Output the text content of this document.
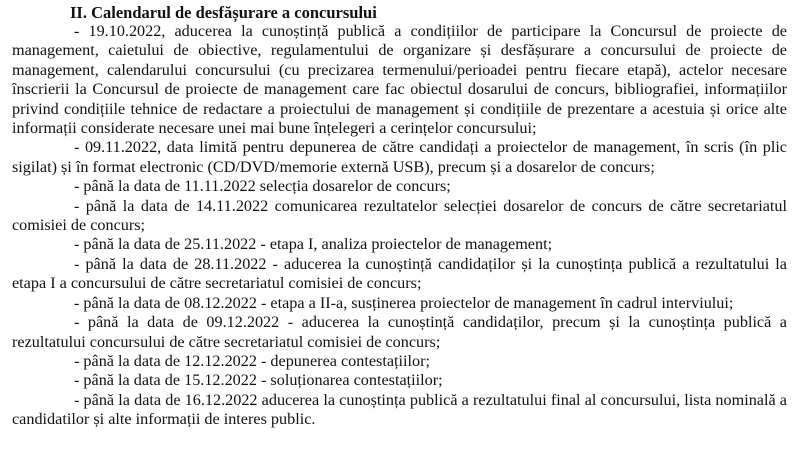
II. Calendarul de desfășurare a concursului

- 19.10.2022, aducerea la cunoștință publică a condițiilor de participare la Concursul de proiecte de management, caietului de obiective, regulamentului de organizare și desfășurare a concursului de proiecte de management, calendarului concursului (cu precizarea termenului/perioadei pentru fiecare etapă), actelor necesare înscrierii la Concursul de proiecte de management care fac obiectul dosarului de concurs, bibliografiei, informațiilor privind condițiile tehnice de redactare a proiectului de management și condițiile de prezentare a acestuia și orice alte informații considerate necesare unei mai bune înțelegeri a cerințelor concursului;

- 09.11.2022, data limită pentru depunerea de către candidați a proiectelor de management, în scris (în plic sigilat) și în format electronic (CD/DVD/memorie externă USB), precum și a dosarelor de concurs;

- până la data de 11.11.2022 selecția dosarelor de concurs;

- până la data de 14.11.2022 comunicarea rezultatelor selecției dosarelor de concurs de către secretariatul comisiei de concurs;

- până la data de 25.11.2022 - etapa I, analiza proiectelor de management;

- până la data de 28.11.2022 - aducerea la cunoștință candidaților și la cunoștința publică a rezultatului la etapa I a concursului de către secretariatul comisiei de concurs;

- până la data de 08.12.2022 - etapa a II-a, susținerea proiectelor de management în cadrul interviului;

- până la data de 09.12.2022 - aducerea la cunoștință candidaților, precum și la cunoștința publică a rezultatului concursului de către secretariatul comisiei de concurs;

- până la data de 12.12.2022 - depunerea contestațiilor;

- până la data de 15.12.2022 - soluționarea contestațiilor;

- până la data de 16.12.2022 aducerea la cunoștința publică a rezultatului final al concursului, lista nominală a candidatilor și alte informații de interes public.
